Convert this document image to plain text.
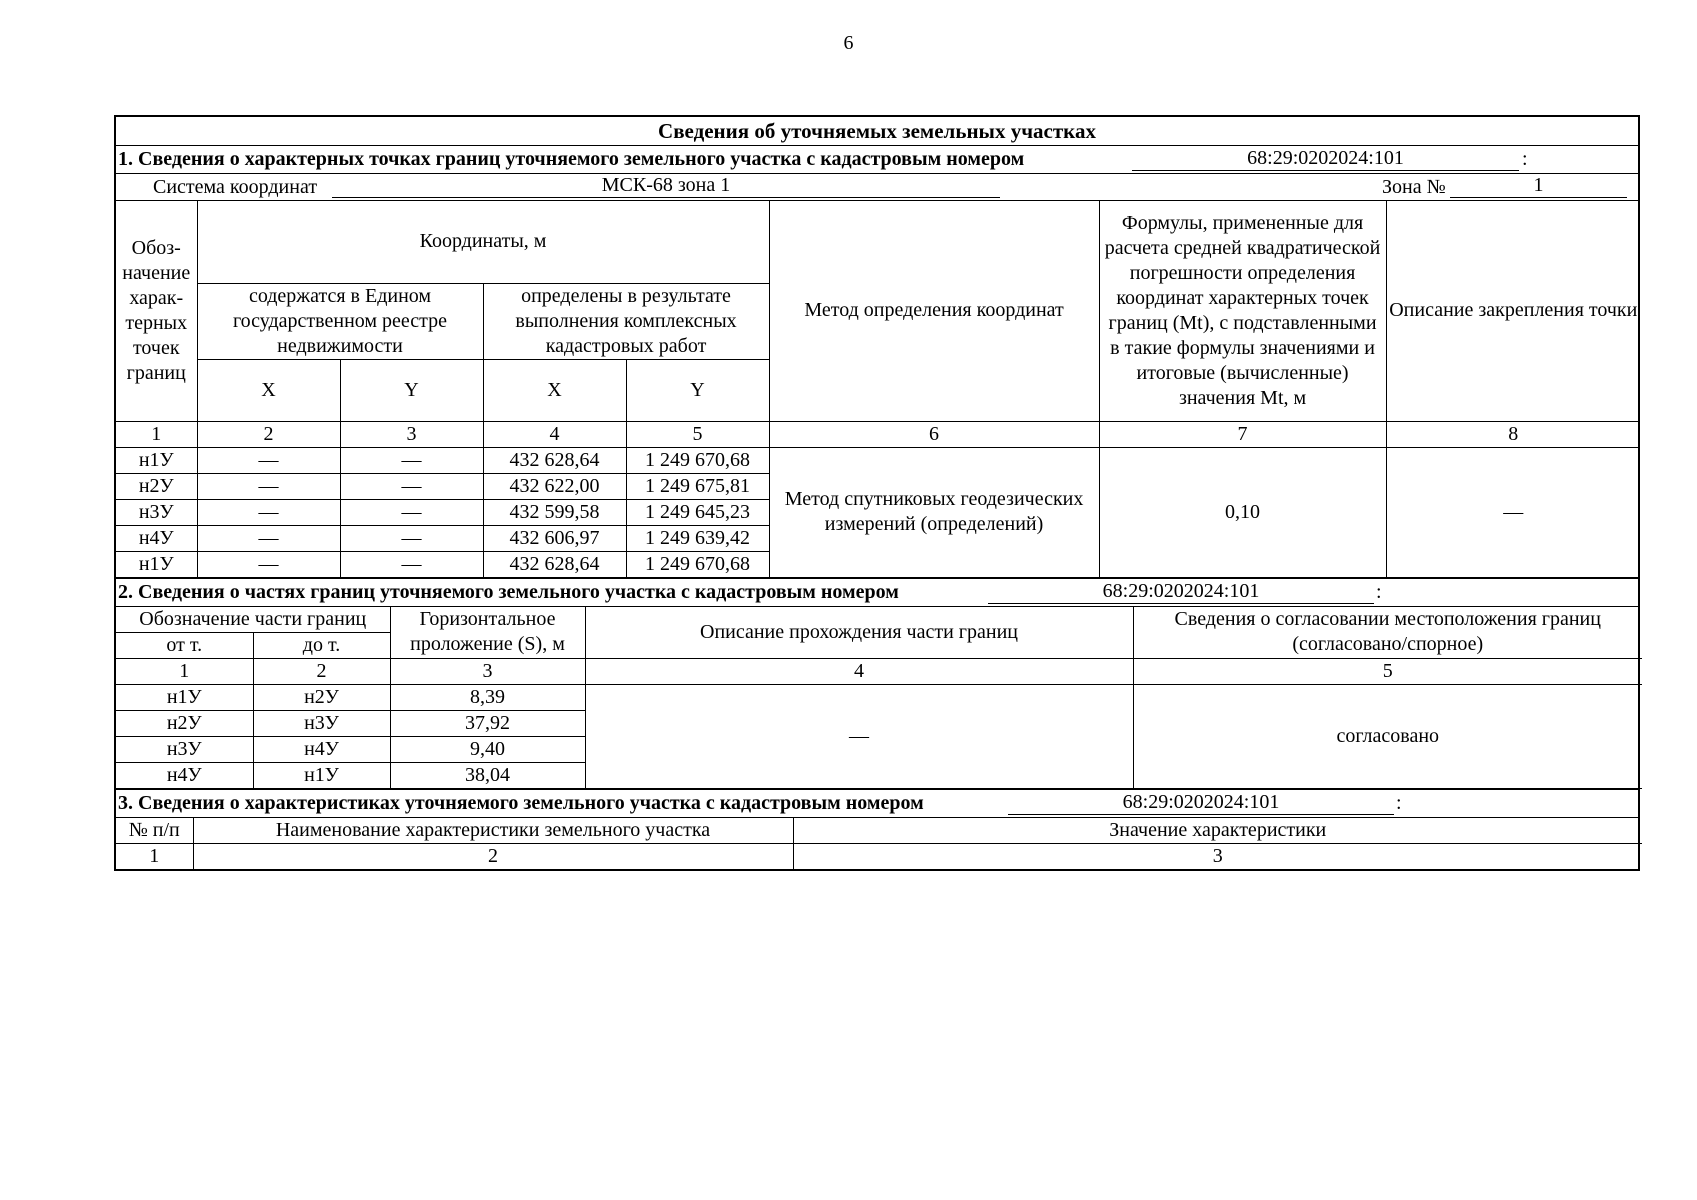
6
Сведения об уточняемых земельных участках
1. Сведения о характерных точках границ уточняемого земельного участка с кадастровым номером	68:29:0202024:101	:
Система координат	МСК-68 зона 1	Зона №	1
Обоз-начение харак-терных точек границ	Координаты, м				Метод определения координат	Формулы, примененные для расчета средней квадратической погрешности определения координат характерных точек границ (Mt), с подставленными в такие формулы значениями и итоговые (вычисленные) значения Mt, м	Описание закрепления точки
	содержатся в Едином государственном реестре недвижимости		определены в результате выполнения комплексных кадастровых работ				
	X	Y	X	Y			
1	2	3	4	5	6	7	8
н1У	—	—	432 628,64	1 249 670,68	Метод спутниковых геодезических измерений (определений)	0,10	—
н2У	—	—	432 622,00	1 249 675,81			
н3У	—	—	432 599,58	1 249 645,23			
н4У	—	—	432 606,97	1 249 639,42			
н1У	—	—	432 628,64	1 249 670,68			
2. Сведения о частях границ уточняемого земельного участка с кадастровым номером	68:29:0202024:101	:
Обозначение части границ		Горизонтальное проложение (S), м	Описание прохождения части границ	Сведения о согласовании местоположения границ (согласовано/спорное)
от т.	до т.			
1	2	3	4	5
н1У	н2У	8,39	—	согласовано
н2У	н3У	37,92		
н3У	н4У	9,40		
н4У	н1У	38,04		
3. Сведения о характеристиках уточняемого земельного участка с кадастровым номером	68:29:0202024:101	:
№ п/п	Наименование характеристики земельного участка	Значение характеристики
1	2	3
